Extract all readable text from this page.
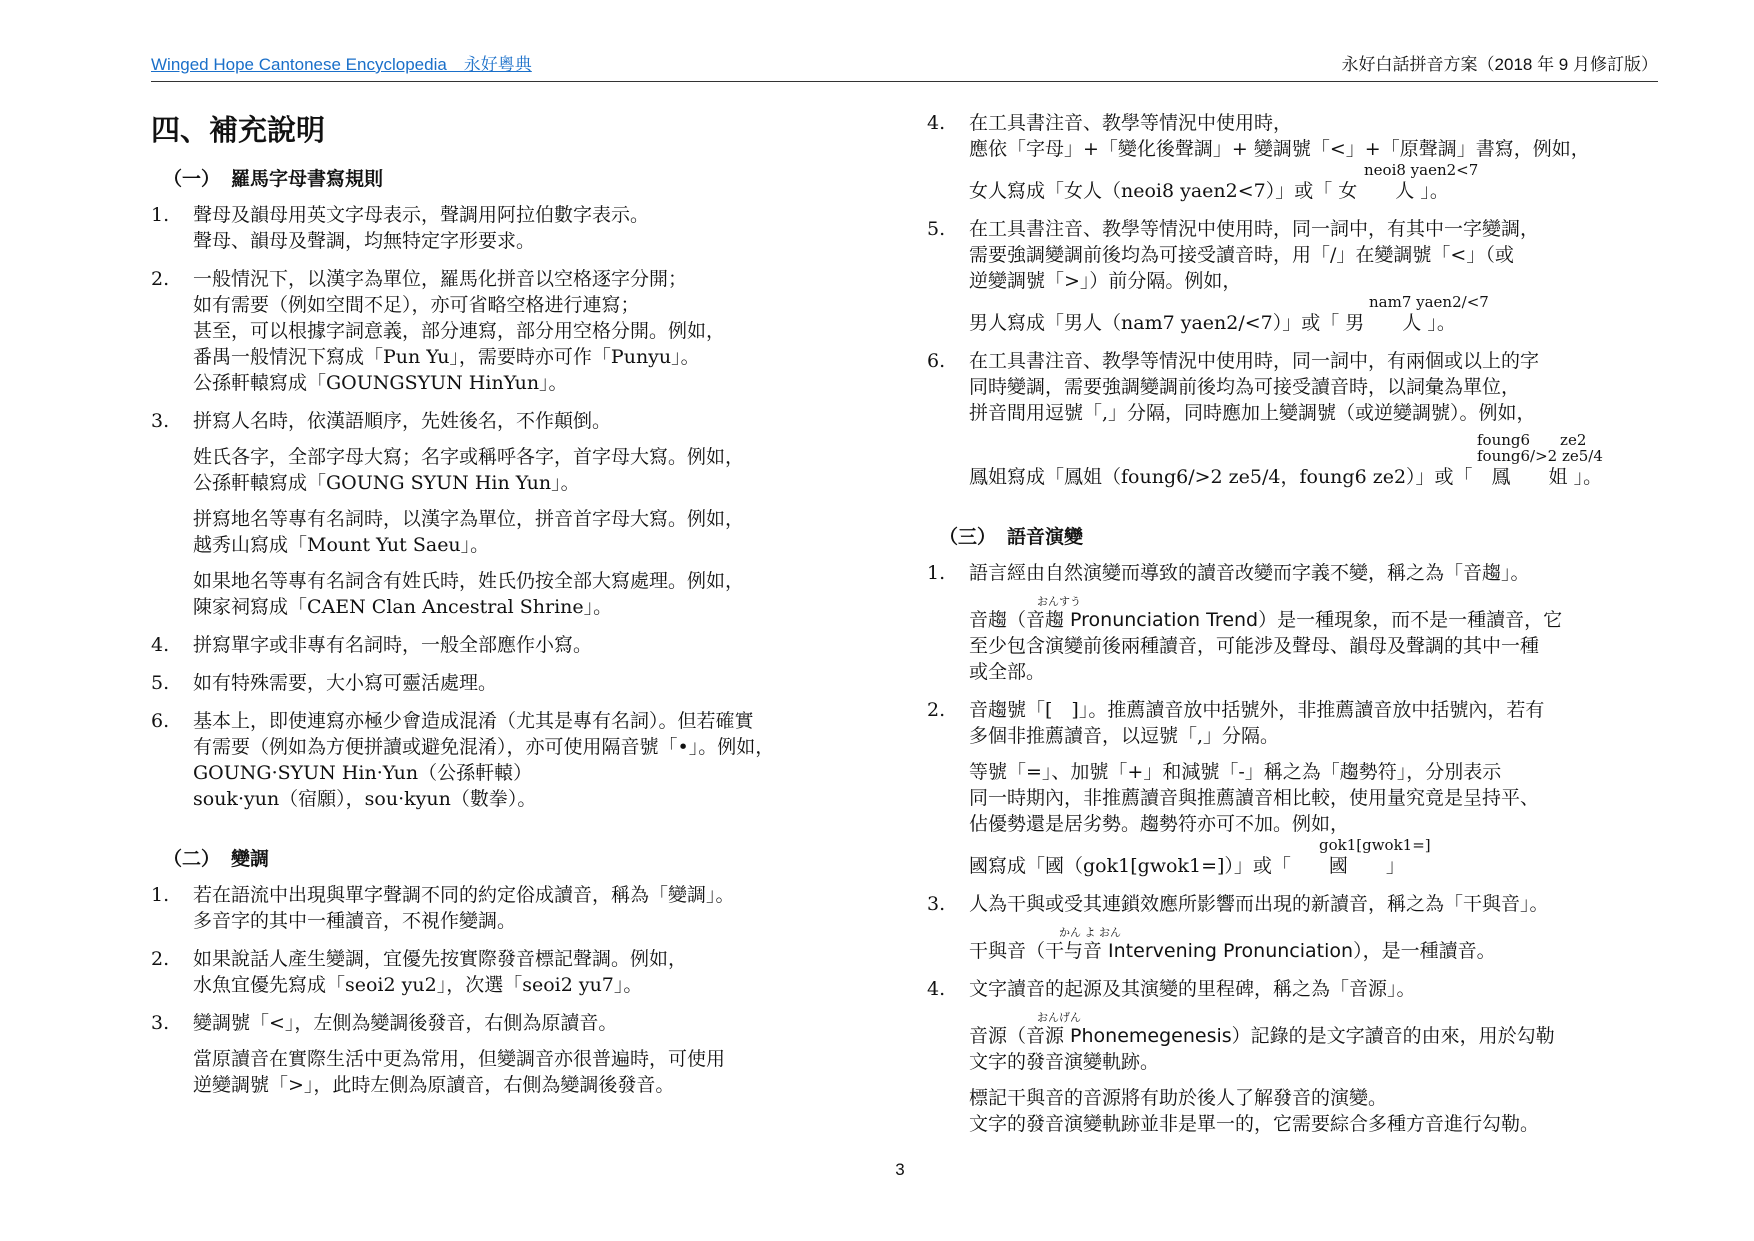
Winged Hope Cantonese Encyclopedia　永好粵典	永好白話拼音方案（2018 年 9 月修訂版）
四、補充說明
（一） 羅馬字母書寫規則
1. 聲母及韻母用英文字母表示，聲調用阿拉伯數字表示。
聲母、韻母及聲調，均無特定字形要求。
2. 一般情況下，以漢字為單位，羅馬化拼音以空格逐字分開；
如有需要（例如空間不足），亦可省略空格进行連寫；
甚至，可以根據字詞意義，部分連寫，部分用空格分開。例如，
番禺一般情況下寫成「Pun Yu」，需要時亦可作「Punyu」。
公孫軒轅寫成「GOUNGSYUN HinYun」。
3. 拼寫人名時，依漢語順序，先姓後名，不作顛倒。
姓氏各字，全部字母大寫；名字或稱呼各字，首字母大寫。例如，
公孫軒轅寫成「GOUNG SYUN Hin Yun」。
拼寫地名等專有名詞時，以漢字為單位，拼音首字母大寫。例如，
越秀山寫成「Mount Yut Saeu」。
如果地名等專有名詞含有姓氏時，姓氏仍按全部大寫處理。例如，
陳家祠寫成「CAEN Clan Ancestral Shrine」。
4. 拼寫單字或非專有名詞時，一般全部應作小寫。
5. 如有特殊需要，大小寫可靈活處理。
6. 基本上，即使連寫亦極少會造成混淆（尤其是專有名詞）。但若確實
有需要（例如為方便拼讀或避免混淆），亦可使用隔音號「•」。例如，
GOUNG·SYUN Hin·Yun（公孫軒轅）
souk·yun（宿願），sou·kyun（數拳）。
（二） 變調
1. 若在語流中出現與單字聲調不同的約定俗成讀音，稱為「變調」。
多音字的其中一種讀音，不視作變調。
2. 如果說話人產生變調，宜優先按實際發音標記聲調。例如，
水魚宜優先寫成「seoi2 yu2」，次選「seoi2 yu7」。
3. 變調號「<」，左側為變調後發音，右側為原讀音。
當原讀音在實際生活中更為常用，但變調音亦很普遍時，可使用
逆變調號「>」，此時左側為原讀音，右側為變調後發音。
4. 在工具書注音、教學等情況中使用時，
應依「字母」+「變化後聲調」+ 變調號「<」+「原聲調」書寫，例如，
neoi8 yaen2<7
女人寫成「女人（neoi8 yaen2<7）」或「 女　　人 」。
5. 在工具書注音、教學等情況中使用時，同一詞中，有其中一字變調，
需要強調變調前後均為可接受讀音時，用「/」在變調號「<」（或
逆變調號「>」）前分隔。例如，
nam7 yaen2/<7
男人寫成「男人（nam7 yaen2/<7）」或「 男　　人 」。
6. 在工具書注音、教學等情況中使用時，同一詞中，有兩個或以上的字
同時變調，需要強調變調前後均為可接受讀音時，以詞彙為單位，
拼音間用逗號「,」分隔，同時應加上變調號（或逆變調號）。例如，
foung6　　ze2
foung6/>2 ze5/4
鳳姐寫成「鳳姐（foung6/>2 ze5/4，foung6 ze2）」或「　鳳　　姐 」。
（三） 語音演變
1. 語言經由自然演變而導致的讀音改變而字義不變，稱之為「音趨」。
おんすう
音趨（音趨 Pronunciation Trend）是一種現象，而不是一種讀音，它
至少包含演變前後兩種讀音，可能涉及聲母、韻母及聲調的其中一種
或全部。
2. 音趨號「[　]」。推薦讀音放中括號外，非推薦讀音放中括號內，若有
多個非推薦讀音，以逗號「,」分隔。
等號「=」、加號「+」和減號「-」稱之為「趨勢符」，分別表示
同一時期內，非推薦讀音與推薦讀音相比較，使用量究竟是呈持平、
佔優勢還是居劣勢。趨勢符亦可不加。例如，
gok1[gwok1=]
國寫成「國（gok1[gwok1=]）」或「　　國　　」
3. 人為干與或受其連鎖效應所影響而出現的新讀音，稱之為「干與音」。
かん よ おん
干與音（干与音 Intervening Pronunciation），是一種讀音。
4. 文字讀音的起源及其演變的里程碑，稱之為「音源」。
おんげん
音源（音源 Phonemegenesis）記錄的是文字讀音的由來，用於勾勒
文字的發音演變軌跡。
標記干與音的音源將有助於後人了解發音的演變。
文字的發音演變軌跡並非是單一的，它需要綜合多種方音進行勾勒。
3
